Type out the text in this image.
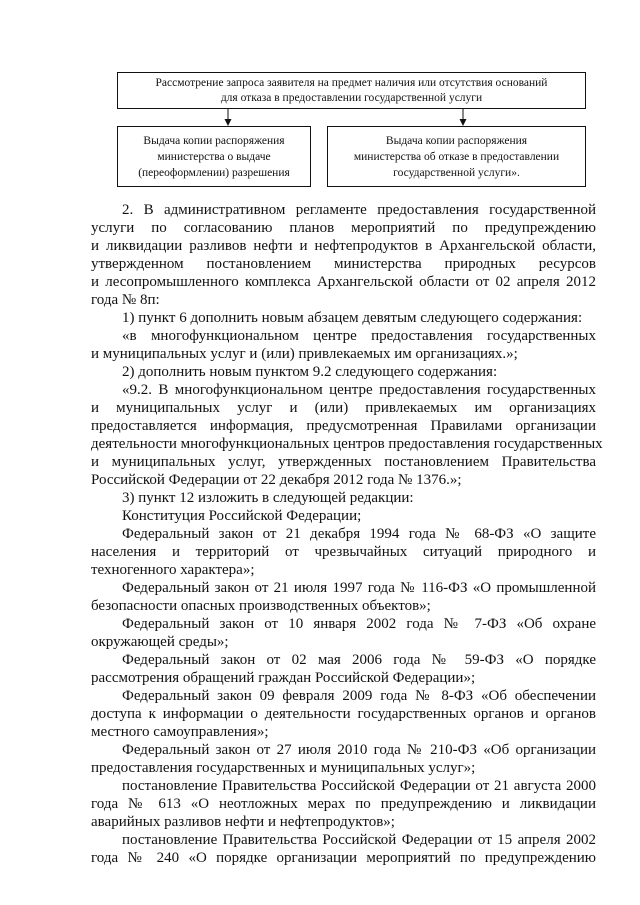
Рассмотрение запроса заявителя на предмет наличия или отсутствия оснований
для отказа в предоставлении государственной услуги
Выдача копии распоряжения
министерства о выдаче
(переоформлении) разрешения
Выдача копии распоряжения
министерства об отказе в предоставлении
государственной услуги».
2. В административном регламенте предоставления государственной
услуги по согласованию планов мероприятий по предупреждению
и ликвидации разливов нефти и нефтепродуктов в Архангельской области,
утвержденном постановлением министерства природных ресурсов
и лесопромышленного комплекса Архангельской области от 02 апреля 2012
года № 8п:
1) пункт 6 дополнить новым абзацем девятым следующего содержания:
«в многофункциональном центре предоставления государственных
и муниципальных услуг и (или) привлекаемых им организациях.»;
2) дополнить новым пунктом 9.2 следующего содержания:
«9.2. В многофункциональном центре предоставления государственных
и муниципальных услуг и (или) привлекаемых им организациях
предоставляется информация, предусмотренная Правилами организации
деятельности многофункциональных центров предоставления государственных
и муниципальных услуг, утвержденных постановлением Правительства
Российской Федерации от 22 декабря 2012 года № 1376.»;
3) пункт 12 изложить в следующей редакции:
Конституция Российской Федерации;
Федеральный закон от 21 декабря 1994 года № 68-ФЗ «О защите
населения и территорий от чрезвычайных ситуаций природного и
техногенного характера»;
Федеральный закон от 21 июля 1997 года № 116-ФЗ «О промышленной
безопасности опасных производственных объектов»;
Федеральный закон от 10 января 2002 года № 7-ФЗ «Об охране
окружающей среды»;
Федеральный закон от 02 мая 2006 года № 59-ФЗ «О порядке
рассмотрения обращений граждан Российской Федерации»;
Федеральный закон 09 февраля 2009 года № 8-ФЗ «Об обеспечении
доступа к информации о деятельности государственных органов и органов
местного самоуправления»;
Федеральный закон от 27 июля 2010 года № 210-ФЗ «Об организации
предоставления государственных и муниципальных услуг»;
постановление Правительства Российской Федерации от 21 августа 2000
года № 613 «О неотложных мерах по предупреждению и ликвидации
аварийных разливов нефти и нефтепродуктов»;
постановление Правительства Российской Федерации от 15 апреля 2002
года № 240 «О порядке организации мероприятий по предупреждению
